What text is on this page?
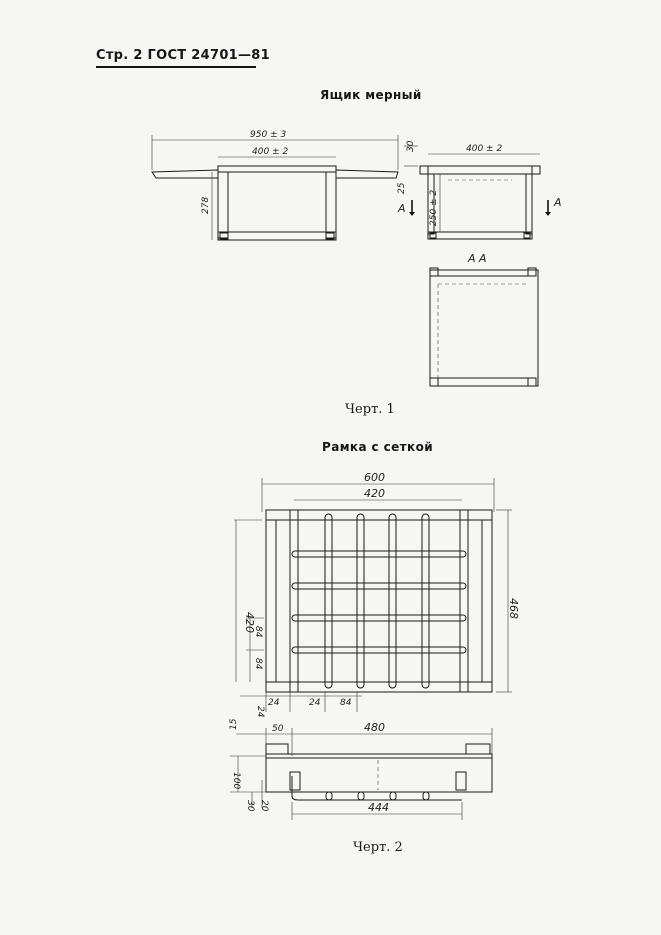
Стр. 2 ГОСТ 24701—81
Ящик мерный
Черт. 1
Рамка с сеткой
Черт. 2
950 ± 3
400 ± 2
278
30	400 ± 2
25
250 ± 2
A	A
А А
600
420
420
84
84
468
24	24 84
24
50	480
15
100
30 20	444
